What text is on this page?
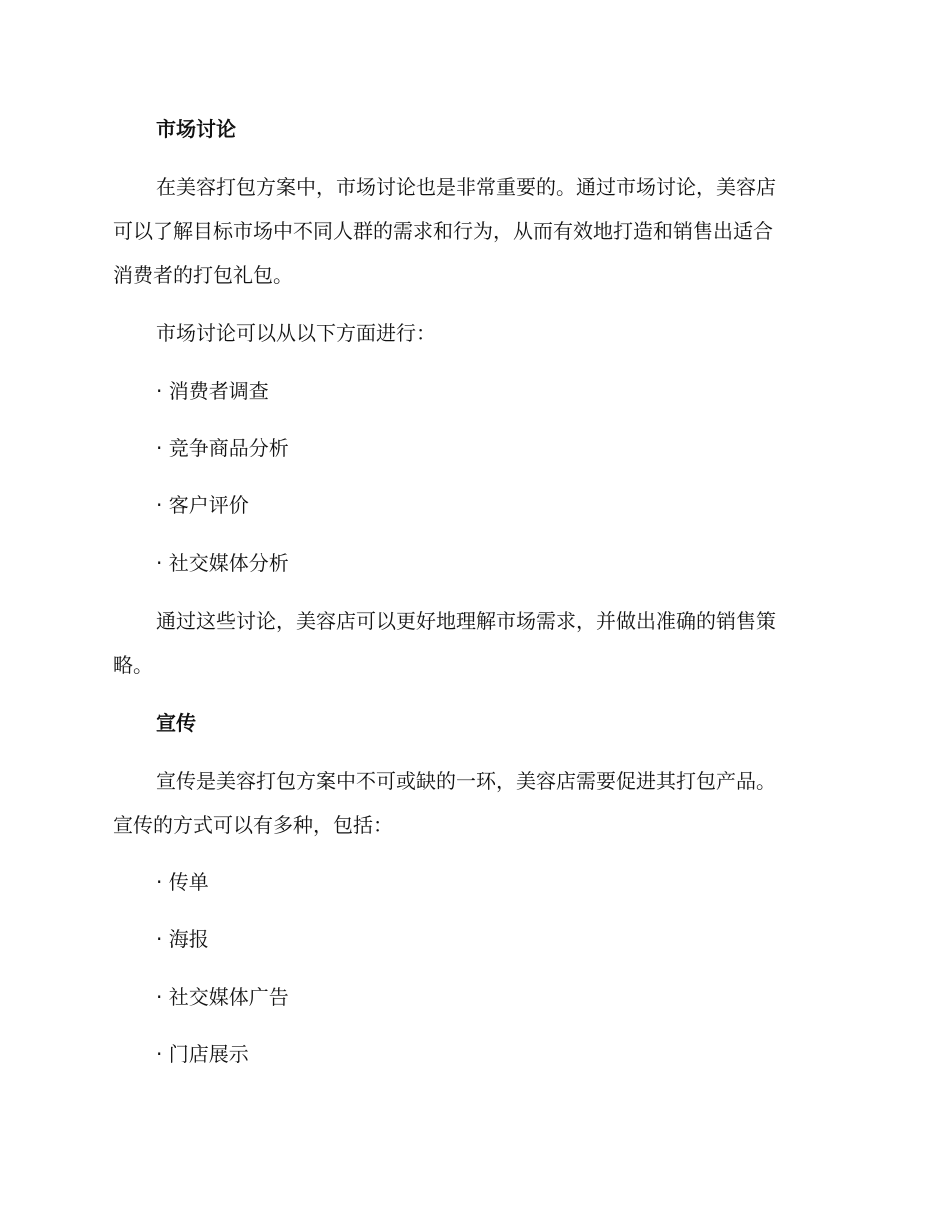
市场讨论
在美容打包方案中，市场讨论也是非常重要的。通过市场讨论，美容店
可以了解目标市场中不同人群的需求和行为，从而有效地打造和销售出适合
消费者的打包礼包。
市场讨论可以从以下方面进行：
· 消费者调查
· 竞争商品分析
· 客户评价
· 社交媒体分析
通过这些讨论，美容店可以更好地理解市场需求，并做出准确的销售策
略。
宣传
宣传是美容打包方案中不可或缺的一环，美容店需要促进其打包产品。
宣传的方式可以有多种，包括：
· 传单
· 海报
· 社交媒体广告
· 门店展示
